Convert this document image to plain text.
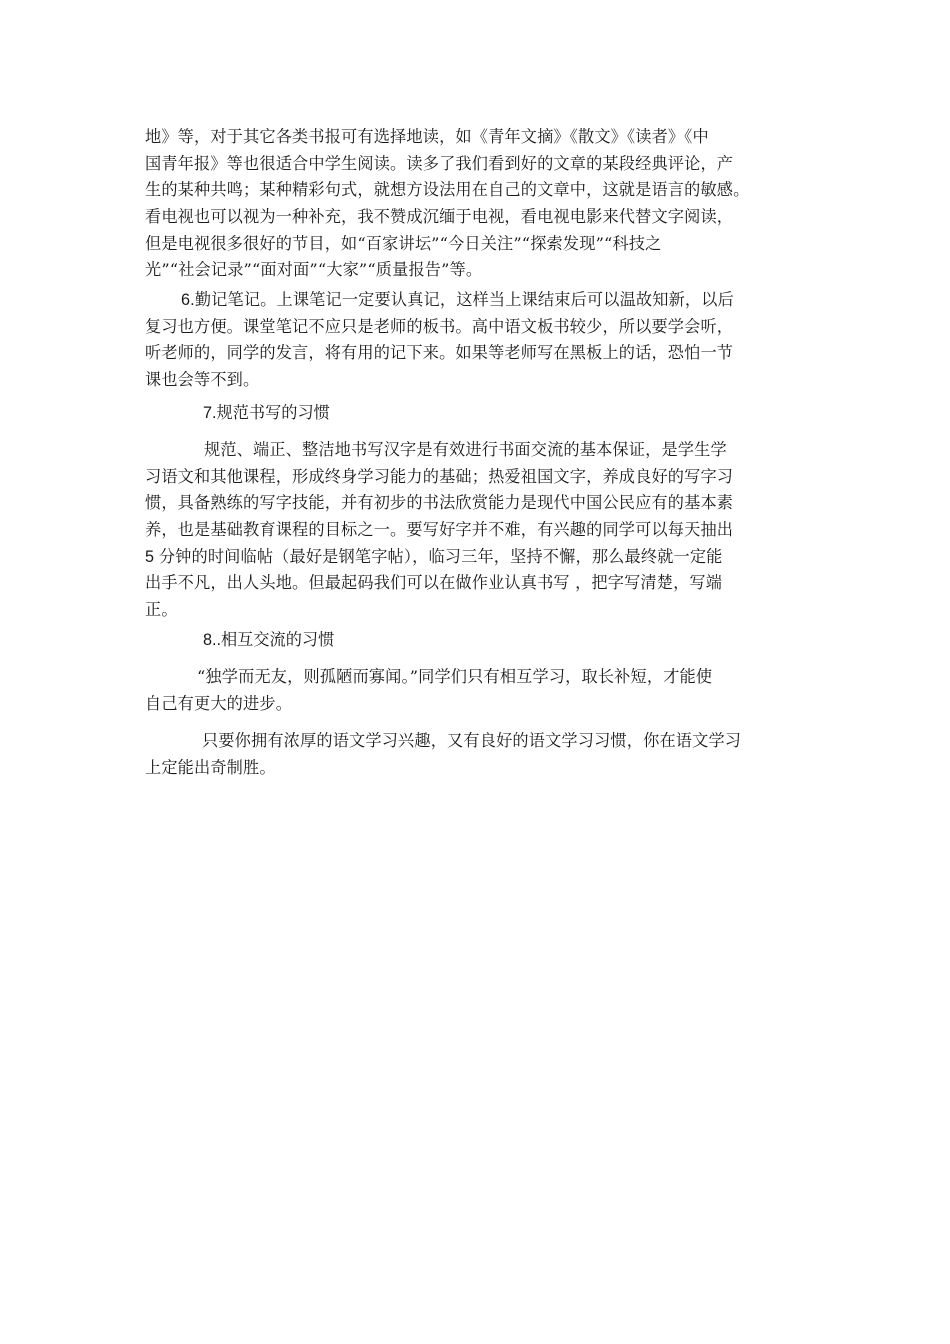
地》等，对于其它各类书报可有选择地读，如《青年文摘》《散文》《读者》《中
国青年报》等也很适合中学生阅读。读多了我们看到好的文章的某段经典评论，产
生的某种共鸣；某种精彩句式，就想方设法用在自己的文章中，这就是语言的敏感。
看电视也可以视为一种补充，我不赞成沉缅于电视，看电视电影来代替文字阅读，
但是电视很多很好的节目，如“百家讲坛”“今日关注”“探索发现”“科技之
光”“社会记录”“面对面”“大家”“质量报告”等。
6.勤记笔记。上课笔记一定要认真记，这样当上课结束后可以温故知新，以后
复习也方便。课堂笔记不应只是老师的板书。高中语文板书较少，所以要学会听，
听老师的，同学的发言，将有用的记下来。如果等老师写在黑板上的话，恐怕一节
课也会等不到。
7.规范书写的习惯
规范、端正、整洁地书写汉字是有效进行书面交流的基本保证，是学生学
习语文和其他课程，形成终身学习能力的基础；热爱祖国文字，养成良好的写字习
惯，具备熟练的写字技能，并有初步的书法欣赏能力是现代中国公民应有的基本素
养，也是基础教育课程的目标之一。要写好字并不难，有兴趣的同学可以每天抽出
5 分钟的时间临帖（最好是钢笔字帖），临习三年，坚持不懈，那么最终就一定能
出手不凡，出人头地。但最起码我们可以在做作业认真书写 ，把字写清楚，写端
正。
8..相互交流的习惯
“独学而无友，则孤陋而寡闻。”同学们只有相互学习，取长补短，才能使
自己有更大的进步。
只要你拥有浓厚的语文学习兴趣，又有良好的语文学习习惯，你在语文学习
上定能出奇制胜。
